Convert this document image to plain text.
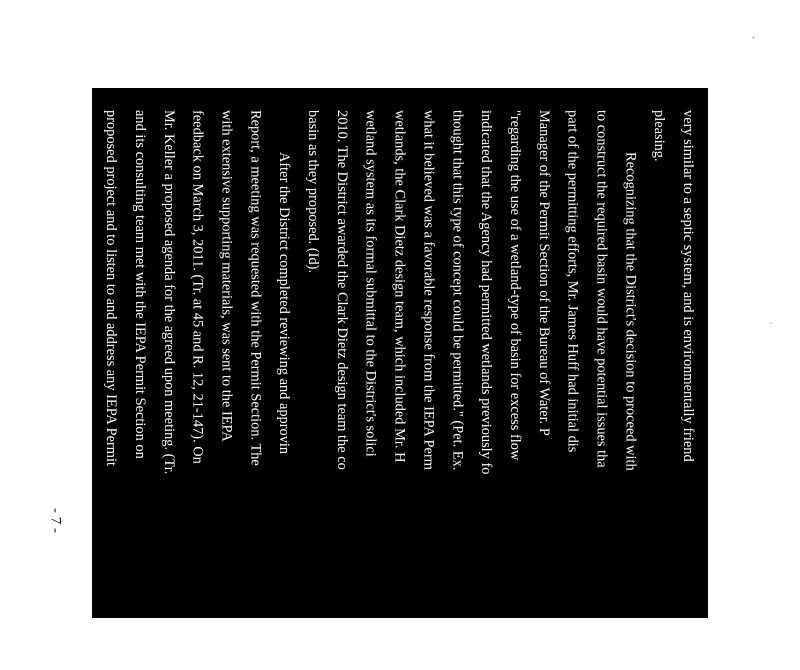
- 7 -
very similar to a septic system, and is environmentally friend
pleasing.
Recognizing that the District's decision to proceed with
to construct the required basin would have potential issues tha
part of the permitting efforts, Mr. James Huff had initial dis
Manager of the Permit Section of the Bureau of Water. P
"regarding the use of a wetland-type of basin for excess flow
indicated that the Agency had permitted wetlands previously fo
thought that this type of concept could be permitted." (Pet. Ex.
what it believed was a favorable response from the IEPA Perm
wetlands, the Clark Dietz design team, which included Mr. H
wetland system as its formal submittal to the District's solici
2010. The District awarded the Clark Dietz design team the co
basin as they proposed. (Id).
After the District completed reviewing and approvin
Report, a meeting was requested with the Permit Section. The
with extensive supporting materials, was sent to the IEPA
feedback on March 3, 2011. (Tr. at 45 and R. 12, 21-147). On
Mr. Keller a proposed agenda for the agreed upon meeting. (Tr.
and its consulting team met with the IEPA Permit Section on
proposed project and to listen to and address any IEPA Permit
4, Tr. 120). A signup sheet for this meeting is found at R. 151.
that the engineering report would have to address groundwate
